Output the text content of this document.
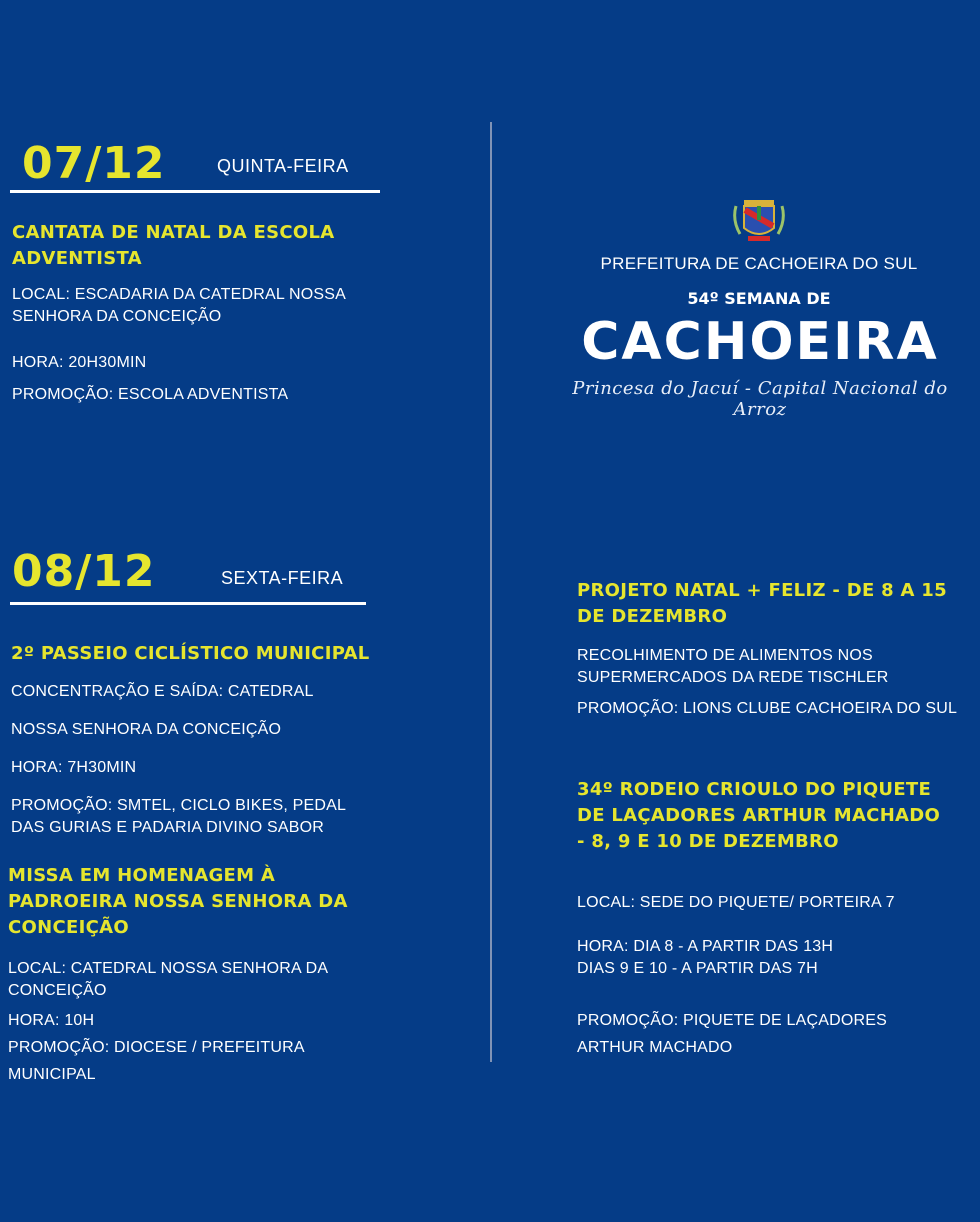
07/12	QUINTA-FEIRA
CANTATA DE NATAL DA ESCOLA ADVENTISTA
LOCAL: ESCADARIA DA CATEDRAL NOSSA SENHORA DA CONCEIÇÃO
HORA: 20H30MIN
PROMOÇÃO: ESCOLA ADVENTISTA
08/12	SEXTA-FEIRA
2º PASSEIO CICLÍSTICO MUNICIPAL
CONCENTRAÇÃO E SAÍDA: CATEDRAL
NOSSA SENHORA DA CONCEIÇÃO
HORA: 7H30MIN
PROMOÇÃO: SMTEL, CICLO BIKES, PEDAL DAS GURIAS E PADARIA DIVINO SABOR
MISSA EM HOMENAGEM À PADROEIRA NOSSA SENHORA DA CONCEIÇÃO
LOCAL: CATEDRAL NOSSA SENHORA DA CONCEIÇÃO
HORA: 10H
PROMOÇÃO: DIOCESE / PREFEITURA
MUNICIPAL
PREFEITURA DE CACHOEIRA DO SUL
54º SEMANA DE
CACHOEIRA
Princesa do Jacuí - Capital Nacional do Arroz
PROJETO NATAL + FELIZ - DE 8 A 15 DE DEZEMBRO
RECOLHIMENTO DE ALIMENTOS NOS SUPERMERCADOS DA REDE TISCHLER
PROMOÇÃO: LIONS CLUBE CACHOEIRA DO SUL
34º RODEIO CRIOULO DO PIQUETE DE LAÇADORES ARTHUR MACHADO - 8, 9 E 10 DE DEZEMBRO
LOCAL: SEDE DO PIQUETE/ PORTEIRA 7
HORA: DIA 8 - A PARTIR DAS 13H
DIAS 9 E 10 - A PARTIR DAS 7H
PROMOÇÃO: PIQUETE DE LAÇADORES
ARTHUR MACHADO
